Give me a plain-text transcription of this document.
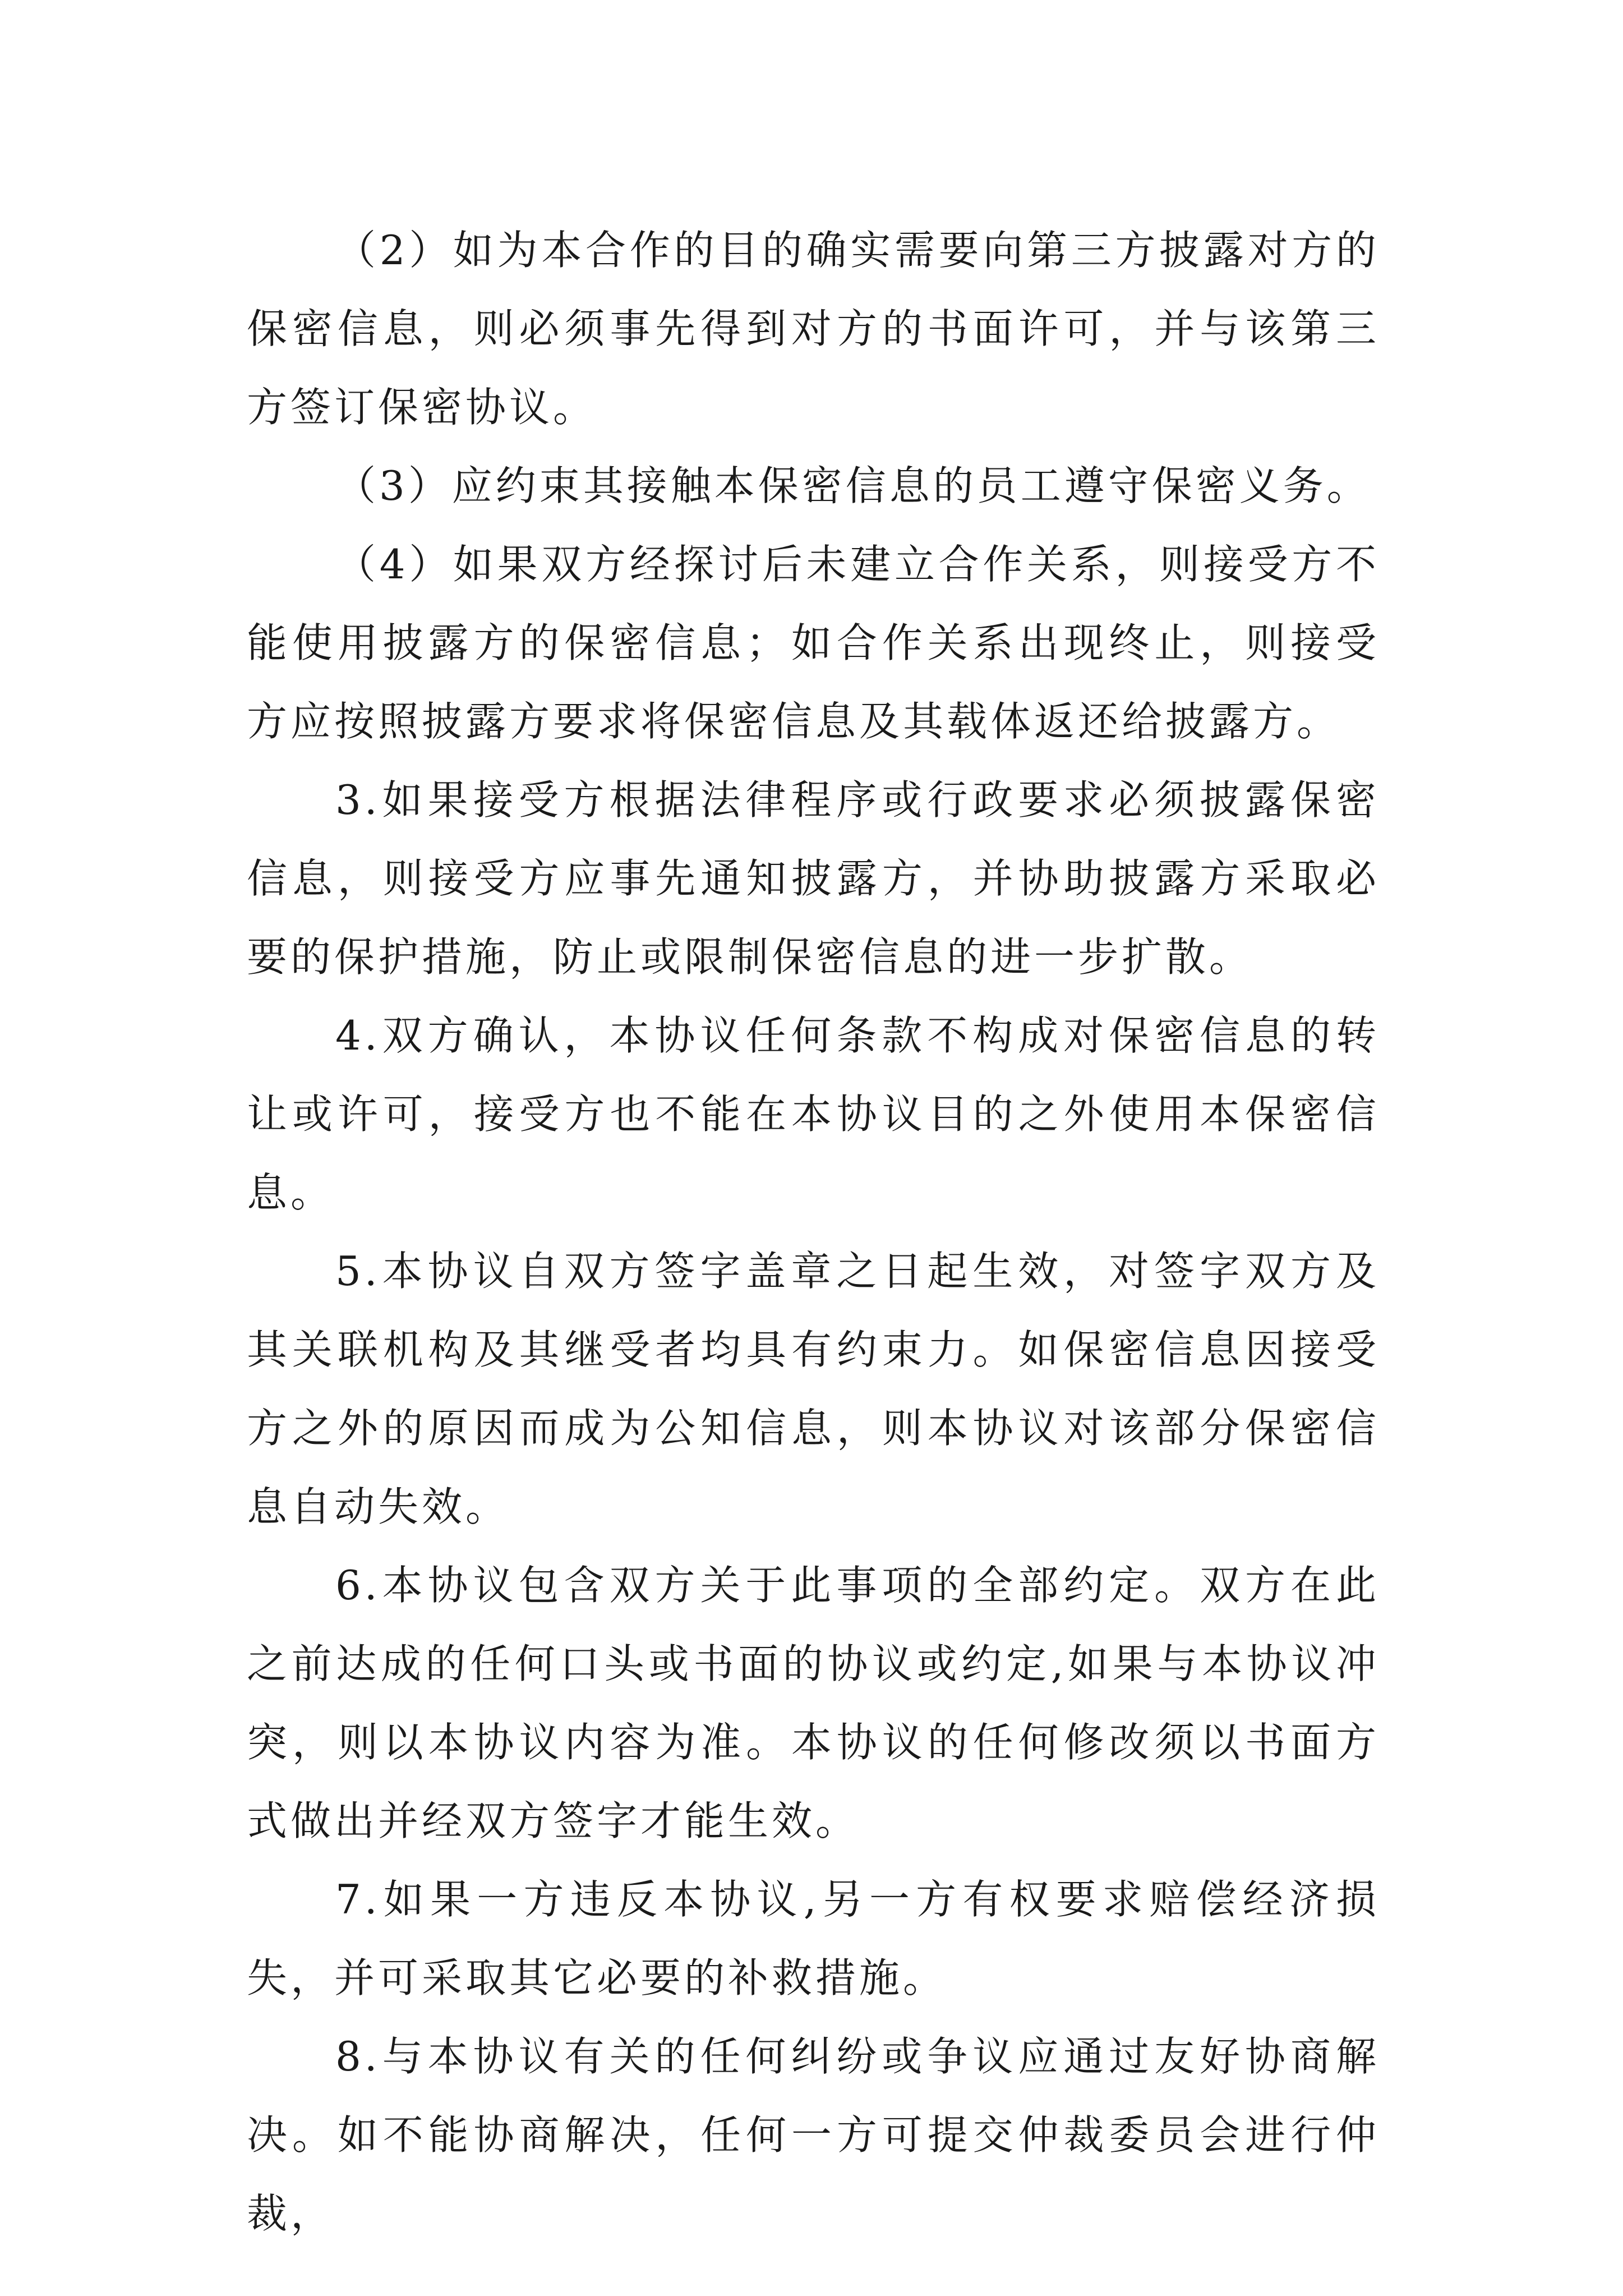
（2）如为本合作的目的确实需要向第三方披露对方的保密信息，则必须事先得到对方的书面许可，并与该第三方签订保密协议。

（3）应约束其接触本保密信息的员工遵守保密义务。

（4）如果双方经探讨后未建立合作关系，则接受方不能使用披露方的保密信息；如合作关系出现终止，则接受方应按照披露方要求将保密信息及其载体返还给披露方。

3.如果接受方根据法律程序或行政要求必须披露保密信息，则接受方应事先通知披露方，并协助披露方采取必要的保护措施，防止或限制保密信息的进一步扩散。

4.双方确认，本协议任何条款不构成对保密信息的转让或许可，接受方也不能在本协议目的之外使用本保密信息。

5.本协议自双方签字盖章之日起生效，对签字双方及其关联机构及其继受者均具有约束力。如保密信息因接受方之外的原因而成为公知信息，则本协议对该部分保密信息自动失效。

6.本协议包含双方关于此事项的全部约定。双方在此之前达成的任何口头或书面的协议或约定,如果与本协议冲突，则以本协议内容为准。本协议的任何修改须以书面方式做出并经双方签字才能生效。

7.如果一方违反本协议,另一方有权要求赔偿经济损失，并可采取其它必要的补救措施。

8.与本协议有关的任何纠纷或争议应通过友好协商解决。如不能协商解决，任何一方可提交仲裁委员会进行仲裁，
